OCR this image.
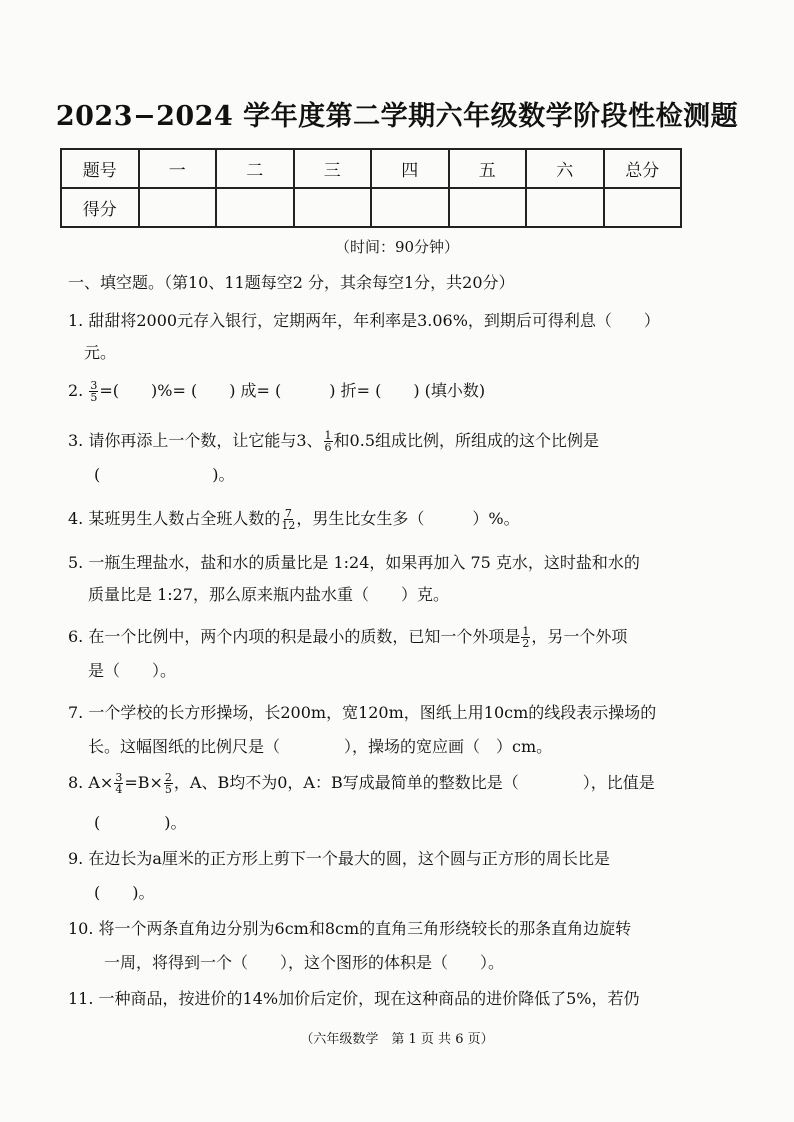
2023−2024 学年度第二学期六年级数学阶段性检测题
题号	一	二	三	四	五	六	总分
得分							
（时间：90分钟）
一、填空题。（第10、11题每空2 分，其余每空1分，共20分）
1. 甜甜将2000元存入银行，定期两年，年利率是3.06%，到期后可得利息（　　）
元。
2. $\frac{3}{5}$ =(　　)%= (　　) 成= (　　　) 折= (　　) (填小数)
3. 请你再添上一个数，让它能与3、 $\frac{1}{6}$ 和0.5组成比例，所组成的这个比例是
(　　　　　　　)。
4. 某班男生人数占全班人数的 $\frac{7}{12}$ ，男生比女生多（　　　）%。
5. 一瓶生理盐水，盐和水的质量比是 1:24，如果再加入 75 克水，这时盐和水的
质量比是 1:27，那么原来瓶内盐水重（　　）克。
6. 在一个比例中，两个内项的积是最小的质数，已知一个外项是 $\frac{1}{2}$ ，另一个外项
是（　　）。
7. 一个学校的长方形操场，长200m，宽120m，图纸上用10cm的线段表示操场的
长。这幅图纸的比例尺是（　　　　），操场的宽应画（　）cm。
8. $A\times \frac{3}{4} =B\times \frac{2}{5}$ ，A、B均不为0，A：B写成最简单的整数比是（　　　　），比值是
(　　　　)。
9. 在边长为a厘米的正方形上剪下一个最大的圆，这个圆与正方形的周长比是
(　　)。
10. 将一个两条直角边分别为6cm和8cm的直角三角形绕较长的那条直角边旋转
一周，将得到一个（　　），这个图形的体积是（　　）。
11. 一种商品，按进价的14%加价后定价，现在这种商品的进价降低了5%，若仍
（六年级数学　第 1 页 共 6 页）
